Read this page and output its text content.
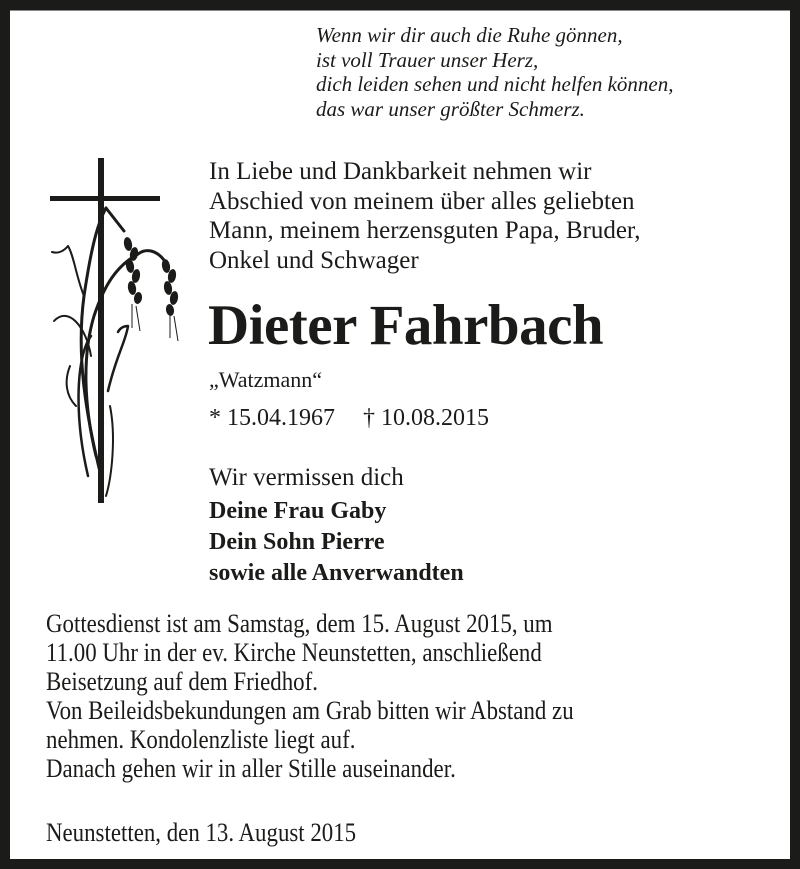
Wenn wir dir auch die Ruhe gönnen,
ist voll Trauer unser Herz,
dich leiden sehen und nicht helfen können,
das war unser größter Schmerz.
In Liebe und Dankbarkeit nehmen wir
Abschied von meinem über alles geliebten
Mann, meinem herzensguten Papa, Bruder,
Onkel und Schwager
Dieter Fahrbach
„Watzmann“
* 15.04.1967 † 10.08.2015
Wir vermissen dich
Deine Frau Gaby
Dein Sohn Pierre
sowie alle Anverwandten
Gottesdienst ist am Samstag, dem 15. August 2015, um
11.00 Uhr in der ev. Kirche Neunstetten, anschließend
Beisetzung auf dem Friedhof.
Von Beileidsbekundungen am Grab bitten wir Abstand zu
nehmen. Kondolenzliste liegt auf.
Danach gehen wir in aller Stille auseinander.
Neunstetten, den 13. August 2015
